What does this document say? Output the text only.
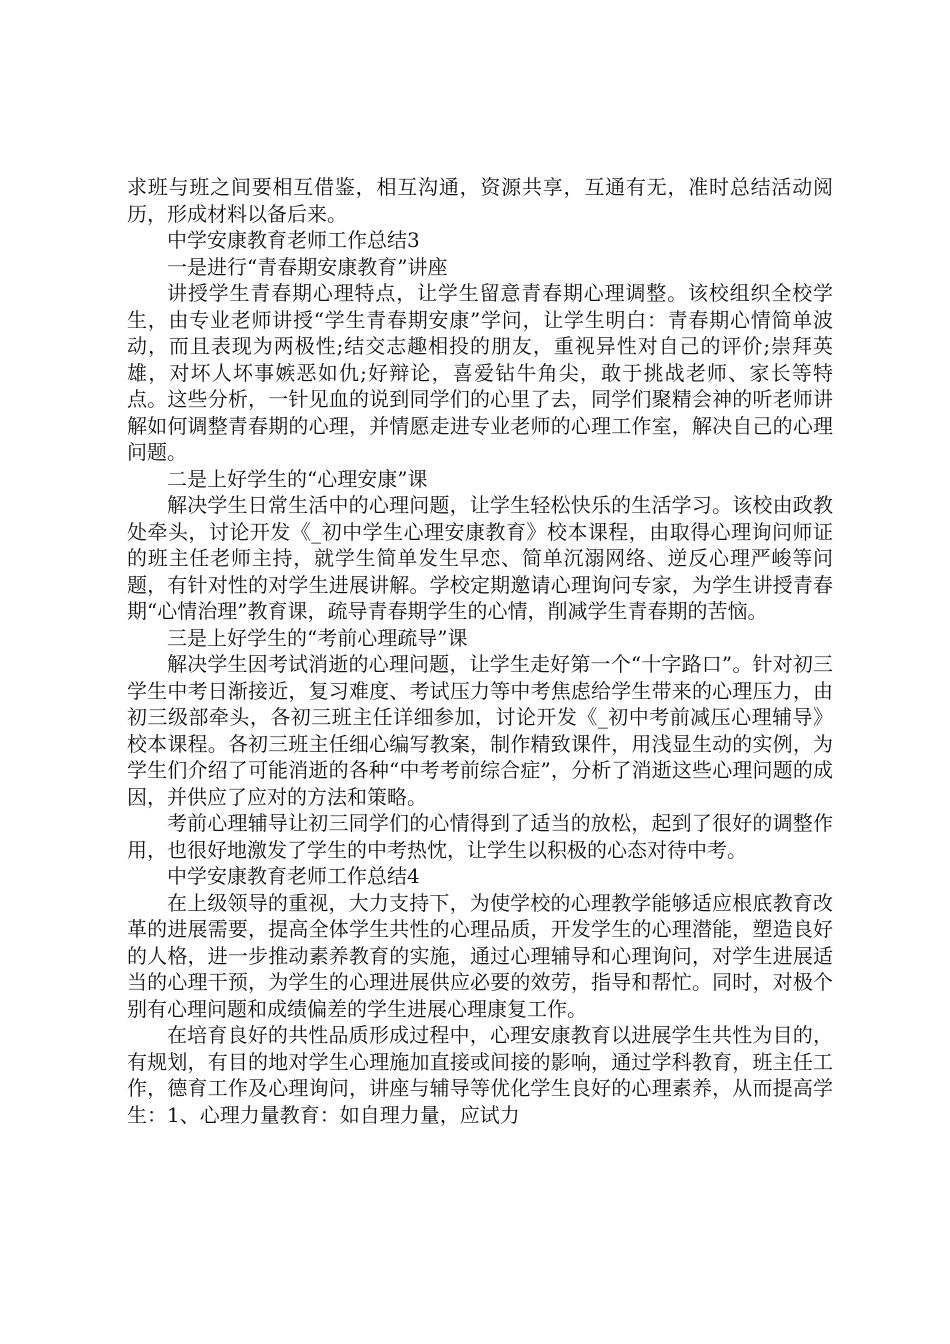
求班与班之间要相互借鉴，相互沟通，资源共享，互通有无，准时总结活动阅历，形成材料以备后来。

中学安康教育老师工作总结3

一是进行“青春期安康教育”讲座

讲授学生青春期心理特点，让学生留意青春期心理调整。该校组织全校学生，由专业老师讲授“学生青春期安康”学问，让学生明白：青春期心情简单波动，而且表现为两极性;结交志趣相投的朋友，重视异性对自己的评价;崇拜英雄，对坏人坏事嫉恶如仇;好辩论，喜爱钻牛角尖，敢于挑战老师、家长等特点。这些分析，一针见血的说到同学们的心里了去，同学们聚精会神的听老师讲解如何调整青春期的心理，并情愿走进专业老师的心理工作室，解决自己的心理问题。

二是上好学生的“心理安康”课

解决学生日常生活中的心理问题，让学生轻松快乐的生活学习。该校由政教处牵头，讨论开发《_初中学生心理安康教育》校本课程，由取得心理询问师证的班主任老师主持，就学生简单发生早恋、简单沉溺网络、逆反心理严峻等问题，有针对性的对学生进展讲解。学校定期邀请心理询问专家，为学生讲授青春期“心情治理”教育课，疏导青春期学生的心情，削减学生青春期的苦恼。

三是上好学生的“考前心理疏导”课

解决学生因考试消逝的心理问题，让学生走好第一个“十字路口”。针对初三学生中考日渐接近，复习难度、考试压力等中考焦虑给学生带来的心理压力，由初三级部牵头，各初三班主任详细参加，讨论开发《_初中考前减压心理辅导》校本课程。各初三班主任细心编写教案，制作精致课件，用浅显生动的实例，为学生们介绍了可能消逝的各种“中考考前综合症”，分析了消逝这些心理问题的成因，并供应了应对的方法和策略。

考前心理辅导让初三同学们的心情得到了适当的放松，起到了很好的调整作用，也很好地激发了学生的中考热忱，让学生以积极的心态对待中考。

中学安康教育老师工作总结4

在上级领导的重视，大力支持下，为使学校的心理教学能够适应根底教育改革的进展需要，提高全体学生共性的心理品质，开发学生的心理潜能，塑造良好的人格，进一步推动素养教育的实施，通过心理辅导和心理询问，对学生进展适当的心理干预，为学生的心理进展供应必要的效劳，指导和帮忙。同时，对极个别有心理问题和成绩偏差的学生进展心理康复工作。

在培育良好的共性品质形成过程中，心理安康教育以进展学生共性为目的，有规划，有目的地对学生心理施加直接或间接的影响，通过学科教育，班主任工作，德育工作及心理询问，讲座与辅导等优化学生良好的心理素养，从而提高学生：1、心理力量教育：如自理力量，应试力
